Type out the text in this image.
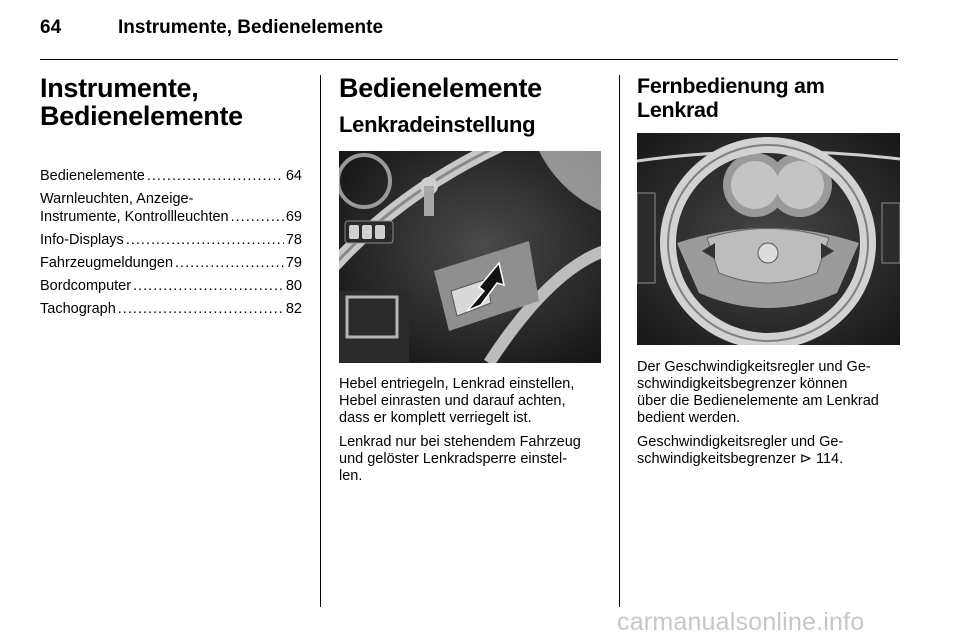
64	Instrumente, Bedienelemente
Instrumente,
Bedienelemente
Bedienelemente .....	64
Warnleuchten, Anzeige-
Instrumente, Kontrollleuchten .....	69
Info-Displays .....	78
Fahrzeugmeldungen .....	79
Bordcomputer .....	80
Tachograph .....	82
Bedienelemente
Lenkradeinstellung

Hebel entriegeln, Lenkrad einstellen,
Hebel einrasten und darauf achten,
dass er komplett verriegelt ist.

Lenkrad nur bei stehendem Fahrzeug
und gelöster Lenkradsperre einstel-
len.

Fernbedienung am
Lenkrad

Der Geschwindigkeitsregler und Ge-
schwindigkeitsbegrenzer können
über die Bedienelemente am Lenkrad
bedient werden.

Geschwindigkeitsregler und Ge-
schwindigkeitsbegrenzer ⊳ 114.

carmanualsonline.info
